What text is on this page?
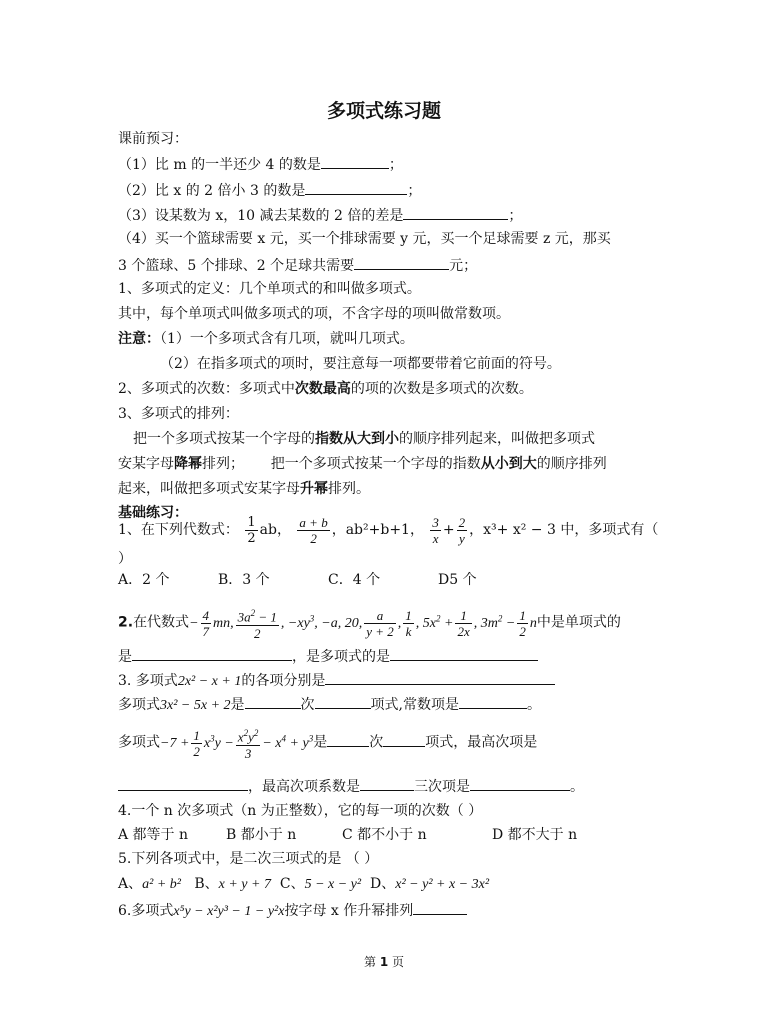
多项式练习题
课前预习：
（1）比 m 的一半还少 4 的数是	；
（2）比 x 的 2 倍小 3 的数是	；
（3）设某数为 x，10 减去某数的 2 倍的差是	；
（4）买一个篮球需要 x 元，买一个排球需要 y 元，买一个足球需要 z 元，那买
3 个篮球、5 个排球、2 个足球共需要	元；
1、多项式的定义：几个单项式的和叫做多项式。
其中，每个单项式叫做多项式的项，不含字母的项叫做常数项。
注意：（1）一个多项式含有几项，就叫几项式。
（2）在指多项式的项时，要注意每一项都要带着它前面的符号。
2、多项式的次数：多项式中次数最高的项的次数是多项式的次数。
3、多项式的排列：
把一个多项式按某一个字母的指数从大到小的顺序排列起来，叫做把多项式
安某字母降幂排列；      把一个多项式按某一个字母的指数从小到大的顺序排列
起来，叫做把多项式安某字母升幂排列。
基础练习：
1、在下列代数式： $\frac{1}{2}$ ab， $\frac{a + b}{2}$ ，ab²+b+1， $\frac{3}{x} + \frac{2}{y}$ ，x³+ x² − 3 中，多项式有（
）
A．2 个	B．3 个	C．4 个	D5 个
2.在代数式− $\frac{4}{7}$ mn, $\frac{3a^2 - 1}{2}$ , $-xy^3$, −a, 20, $\frac{a}{y + 2}$ , $\frac{1}{k}$ , $5x^2 + \frac{1}{2x}$ , $3m^2 - \frac{1}{2}$ n中是单项式的
是	，是多项式的是
3. 多项式2x² − x + 1的各项分别是
多项式3x² − 5x + 2是	次	项式,常数项是	。
多项式$-7 + \frac{1}{2} x^3y - \frac{x^2y^2}{3} - x^4 + y^3$是	次	项式，最高次项是
，最高次项系数是	三次项是	。
4.一个 n 次多项式（n 为正整数），它的每一项的次数（ ）
A 都等于 n	B 都小于 n	C 都不小于 n	D 都不大于 n
5.下列各项式中，是二次三项式的是 （ ）
A、a² + b² B、x + y + 7 C、5 − x − y² D、x² − y² + x − 3x²
6.多项式x⁵y − x²y³ − 1 − y²x按字母 x 作升幂排列
第 1 页
